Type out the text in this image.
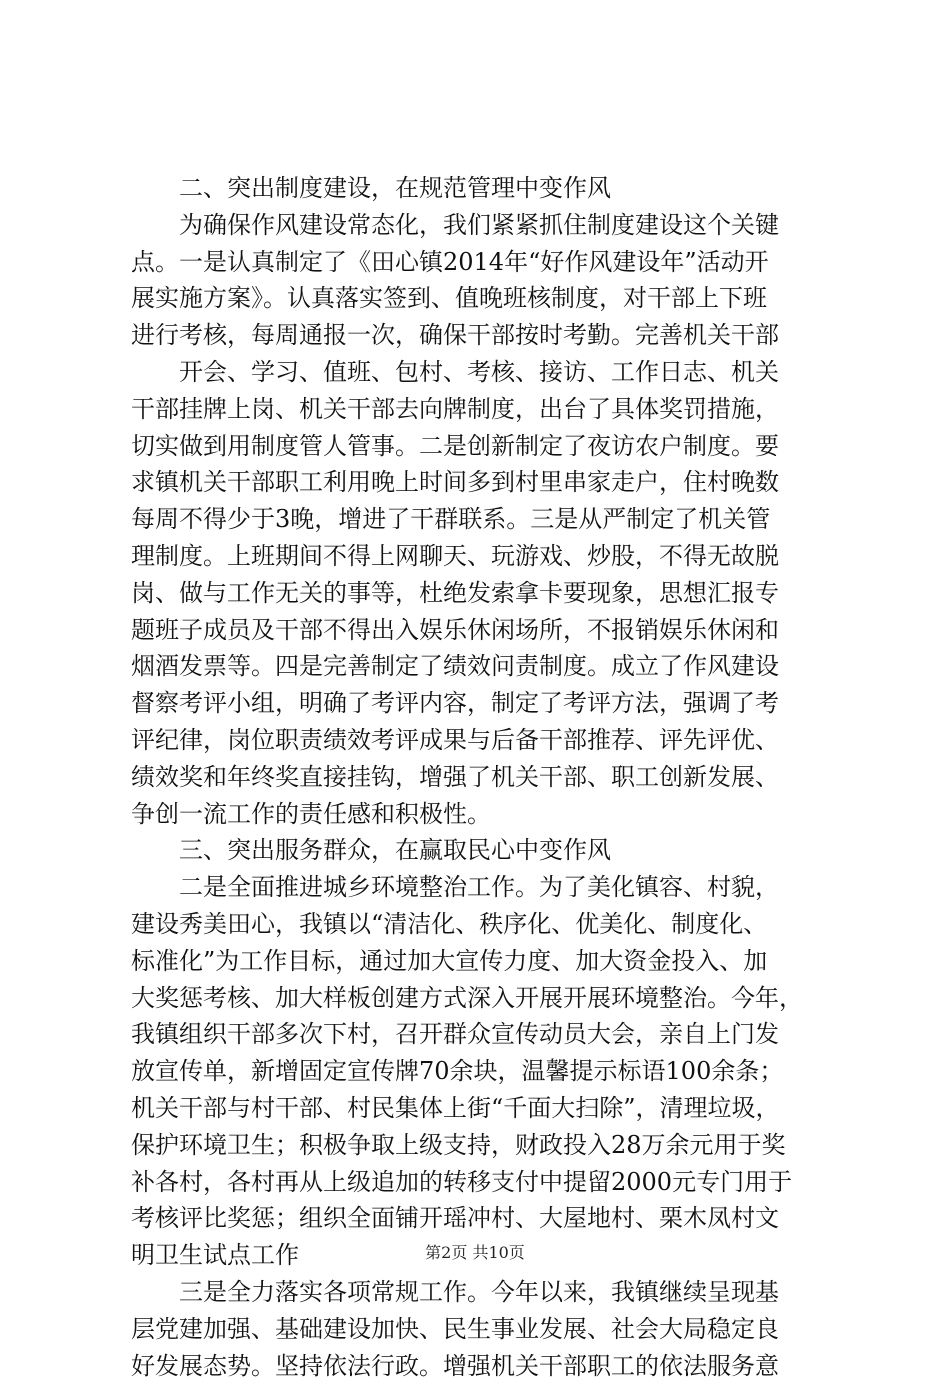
二、突出制度建设，在规范管理中变作风
为确保作风建设常态化，我们紧紧抓住制度建设这个关键
点。一是认真制定了《田心镇2014年“好作风建设年”活动开
展实施方案》。认真落实签到、值晚班核制度，对干部上下班
进行考核，每周通报一次，确保干部按时考勤。完善机关干部
开会、学习、值班、包村、考核、接访、工作日志、机关
干部挂牌上岗、机关干部去向牌制度，出台了具体奖罚措施，
切实做到用制度管人管事。二是创新制定了夜访农户制度。要
求镇机关干部职工利用晚上时间多到村里串家走户，住村晚数
每周不得少于3晚，增进了干群联系。三是从严制定了机关管
理制度。上班期间不得上网聊天、玩游戏、炒股，不得无故脱
岗、做与工作无关的事等，杜绝发索拿卡要现象，思想汇报专
题班子成员及干部不得出入娱乐休闲场所，不报销娱乐休闲和
烟酒发票等。四是完善制定了绩效问责制度。成立了作风建设
督察考评小组，明确了考评内容，制定了考评方法，强调了考
评纪律，岗位职责绩效考评成果与后备干部推荐、评先评优、
绩效奖和年终奖直接挂钩，增强了机关干部、职工创新发展、
争创一流工作的责任感和积极性。
三、突出服务群众，在赢取民心中变作风
二是全面推进城乡环境整治工作。为了美化镇容、村貌，
建设秀美田心，我镇以“清洁化、秩序化、优美化、制度化、
标准化”为工作目标，通过加大宣传力度、加大资金投入、加
大奖惩考核、加大样板创建方式深入开展开展环境整治。今年，
我镇组织干部多次下村，召开群众宣传动员大会，亲自上门发
放宣传单，新增固定宣传牌70余块，温馨提示标语100余条；
机关干部与村干部、村民集体上街“千面大扫除”，清理垃圾，
保护环境卫生；积极争取上级支持，财政投入28万余元用于奖
补各村，各村再从上级追加的转移支付中提留2000元专门用于
考核评比奖惩；组织全面铺开瑶冲村、大屋地村、栗木凤村文
明卫生试点工作
三是全力落实各项常规工作。今年以来，我镇继续呈现基
层党建加强、基础建设加快、民生事业发展、社会大局稳定良
好发展态势。坚持依法行政。增强机关干部职工的依法服务意
第2页 共10页
